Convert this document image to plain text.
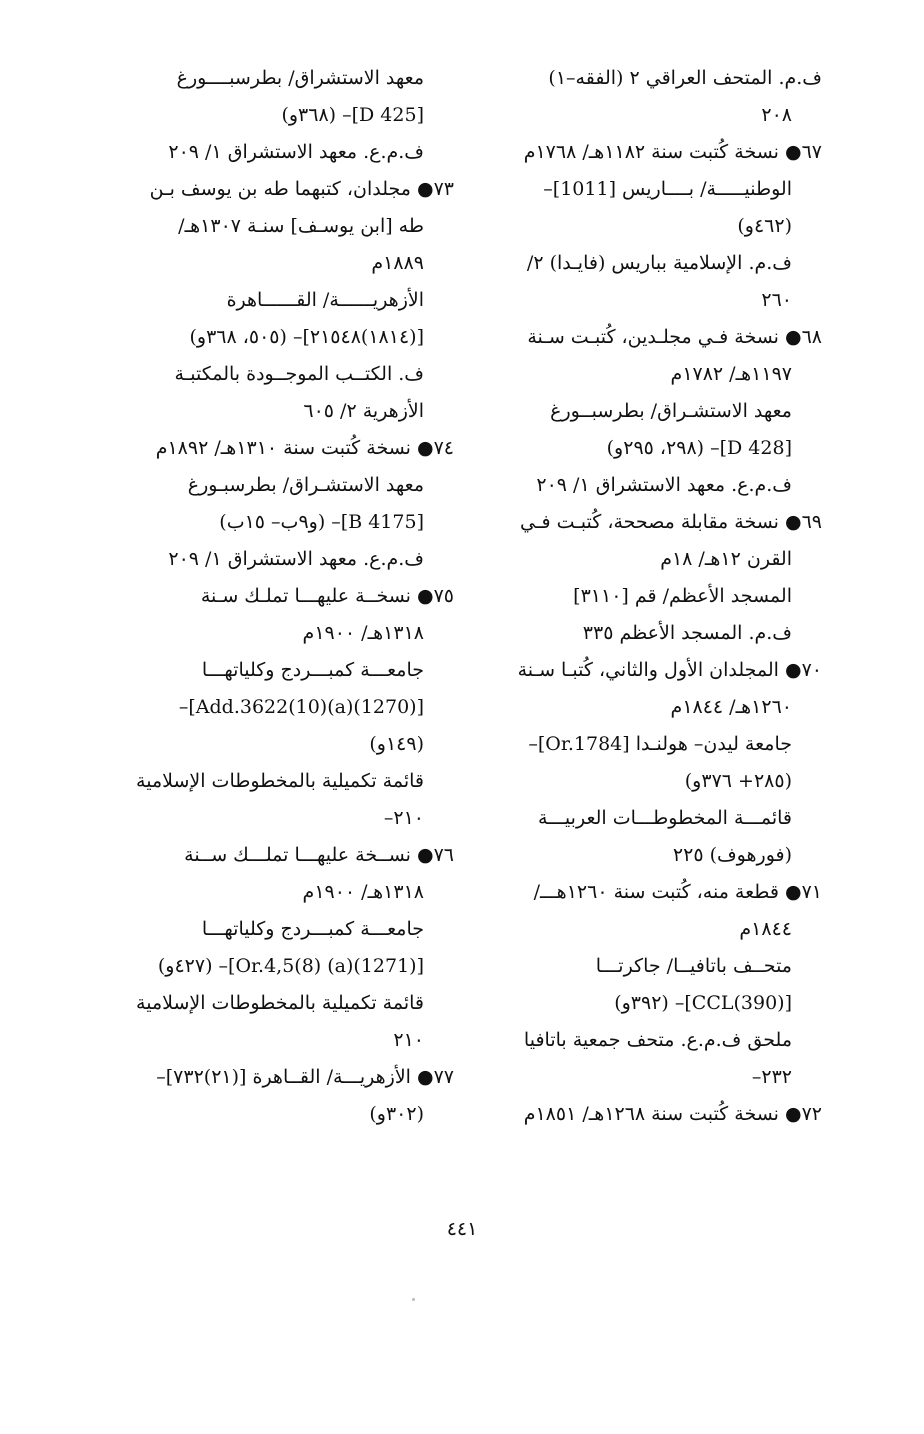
ف.م. المتحف العراقي ٢ (الفقه–١)
٢٠٨
٦٧● نسخة كُتبت سنة ١١٨٢هـ/ ١٧٦٨م
الوطنيـــــة/ بــــاريس [1011]–
(٤٦٢و)
ف.م. الإسلامية بباريس (فايـدا) ٢/
٢٦٠
٦٨● نسخة فـي مجلـدين، كُتبـت سـنة
١١٩٧هـ/ ١٧٨٢م
معهد الاستشـراق/ بطرسبــورغ
[D 428]– (٢٩٨، ٢٩٥و)
ف.م.ع. معهد الاستشراق ١/ ٢٠٩
٦٩● نسخة مقابلة مصححة، كُتبـت فـي
القرن ١٢هـ/ ١٨م
المسجد الأعظم/ قم [٣١١٠]
ف.م. المسجد الأعظم ٣٣٥
٧٠● المجلدان الأول والثاني، كُتبـا سـنة
١٢٦٠هـ/ ١٨٤٤م
جامعة ليدن– هولنـدا [Or.1784]–
(٢٨٥+ ٣٧٦و)
قائمـــة المخطوطـــات العربيـــة
(فورهوف) ٢٢٥
٧١● قطعة منه، كُتبت سنة ١٢٦٠هـــ/
١٨٤٤م
متحــف باتافيــا/ جاكرتـــا
[(390)CCL]– (٣٩٢و)
ملحق ف.م.ع. متحف جمعية باتافيا
٢٣٢–
٧٢● نسخة كُتبت سنة ١٢٦٨هـ/ ١٨٥١م
معهد الاستشراق/ بطرسبــــورغ
[D 425]– (٣٦٨و)
ف.م.ع. معهد الاستشراق ١/ ٢٠٩
٧٣● مجلدان، كتبهما طه بن يوسف بـن
طه [ابن يوسـف] سنـة ١٣٠٧هـ/
١٨٨٩م
الأزهريــــــة/ القــــــاهرة
[(١٨١٤)٢١٥٤٨]– (٥٠٥، ٣٦٨و)
ف. الكتــب الموجــودة بالمكتبـة
الأزهرية ٢/ ٦٠٥
٧٤● نسخة كُتبت سنة ١٣١٠هـ/ ١٨٩٢م
معهد الاستشـراق/ بطرسبـورغ
[B 4175]– (و٩ب– ١٥ب)
ف.م.ع. معهد الاستشراق ١/ ٢٠٩
٧٥● نسخــة عليهـــا تملـك سـنة
١٣١٨هـ/ ١٩٠٠م
جامعـــة كمبـــردج وكلياتهـــا
[(1270)(a)Add.3622(10)]–
(١٤٩و)
قائمة تكميلية بالمخطوطات الإسلامية
٢١٠–
٧٦● نســخة عليهـــا تملـــك ســنة
١٣١٨هـ/ ١٩٠٠م
جامعـــة كمبـــردج وكلياتهـــا
[(1271)(a) Or.4,5(8)]– (٤٢٧و)
قائمة تكميلية بالمخطوطات الإسلامية
٢١٠
٧٧● الأزهريـــة/ القــاهرة [(٢١)٧٣٢]–
(٣٠٢و)
٤٤١
